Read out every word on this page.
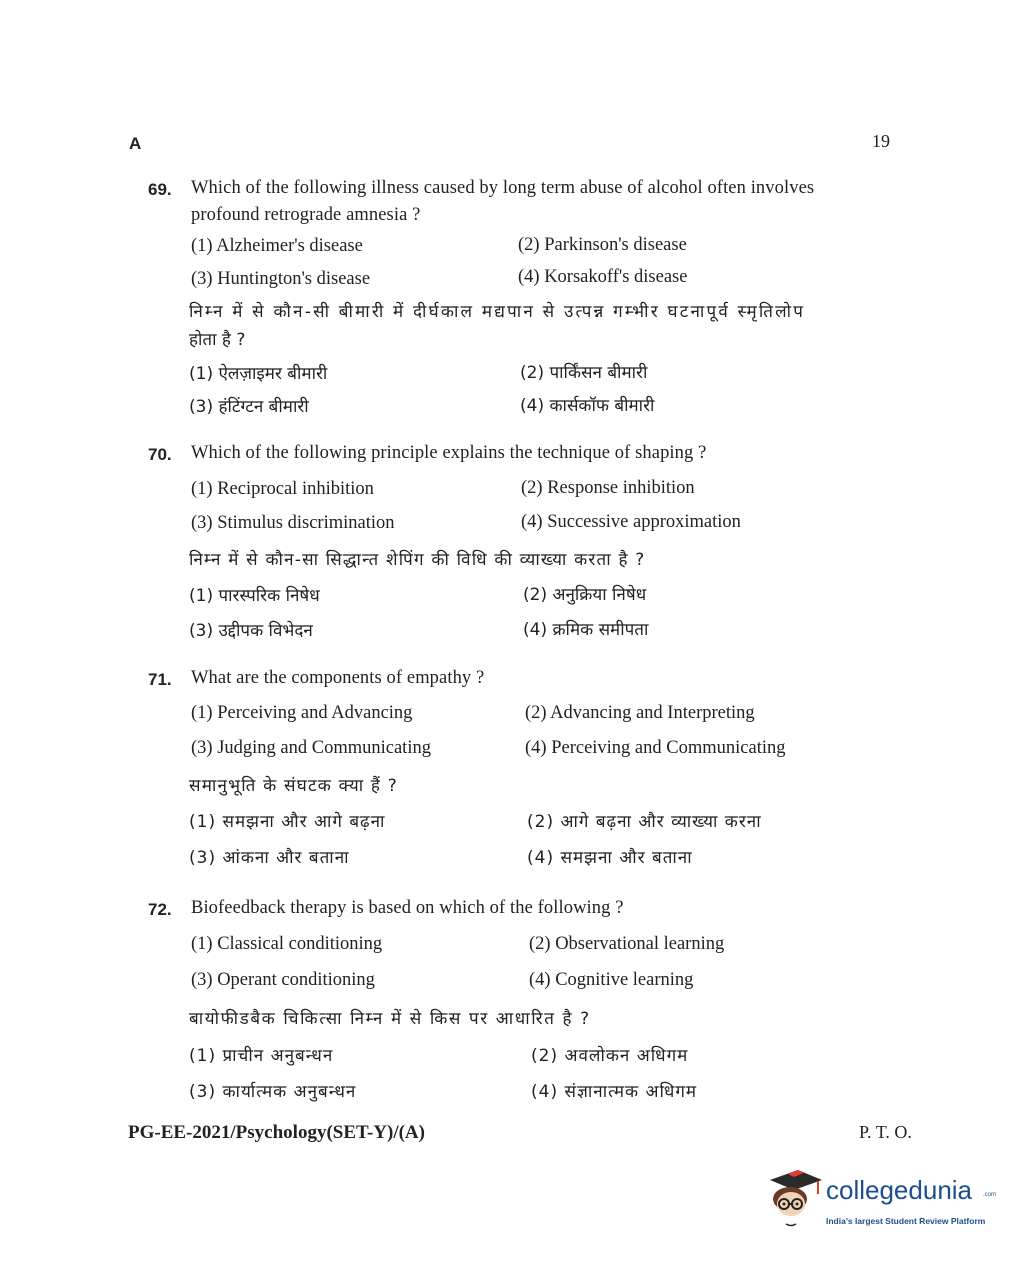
A	19
69. Which of the following illness caused by long term abuse of alcohol often involves
profound retrograde amnesia ?
(1) Alzheimer's disease	(2) Parkinson's disease
(3) Huntington's disease	(4) Korsakoff's disease
निम्न में से कौन-सी बीमारी में दीर्घकाल मद्यपान से उत्पन्न गम्भीर घटनापूर्व स्मृतिलोप
होता है ?
(1) ऐलज़ाइमर बीमारी	(2) पार्किंसन बीमारी
(3) हंटिंग्टन बीमारी	(4) कार्सकॉफ बीमारी
70. Which of the following principle explains the technique of shaping ?
(1) Reciprocal inhibition	(2) Response inhibition
(3) Stimulus discrimination	(4) Successive approximation
निम्न में से कौन-सा सिद्धान्त शेपिंग की विधि की व्याख्या करता है ?
(1) पारस्परिक निषेध	(2) अनुक्रिया निषेध
(3) उद्दीपक विभेदन	(4) क्रमिक समीपता
71. What are the components of empathy ?
(1) Perceiving and Advancing	(2) Advancing and Interpreting
(3) Judging and Communicating	(4) Perceiving and Communicating
समानुभूति के संघटक क्या हैं ?
(1) समझना और आगे बढ़ना	(2) आगे बढ़ना और व्याख्या करना
(3) आंकना और बताना	(4) समझना और बताना
72. Biofeedback therapy is based on which of the following ?
(1) Classical conditioning	(2) Observational learning
(3) Operant conditioning	(4) Cognitive learning
बायोफीडबैक चिकित्सा निम्न में से किस पर आधारित है ?
(1) प्राचीन अनुबन्धन	(2) अवलोकन अधिगम
(3) कार्यात्मक अनुबन्धन	(4) संज्ञानात्मक अधिगम
PG-EE-2021/Psychology(SET-Y)/(A)	P. T. O.
collegedunia .com
India's largest Student Review Platform
